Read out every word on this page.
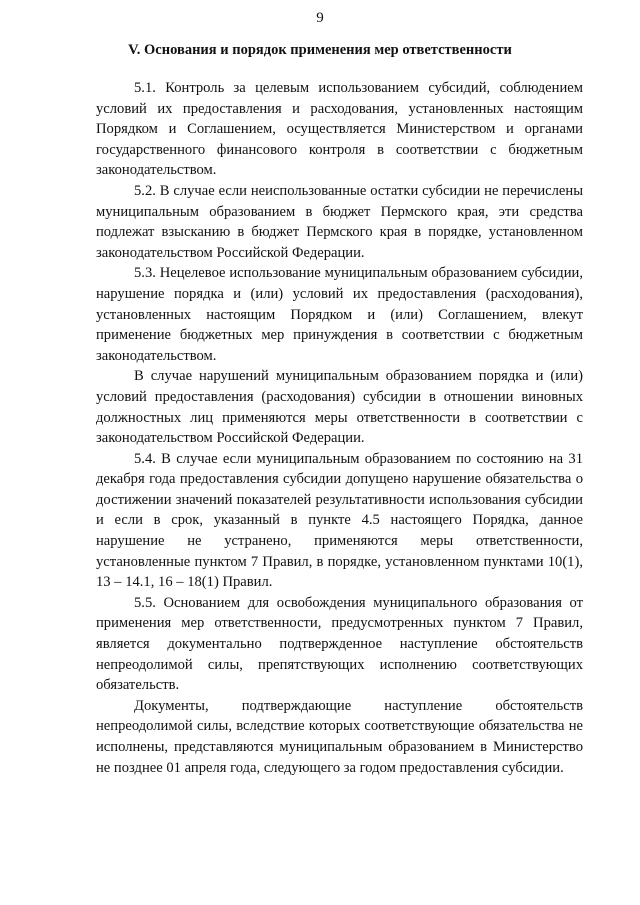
9
V. Основания и порядок применения мер ответственности

5.1. Контроль за целевым использованием субсидий, соблюдением условий их предоставления и расходования, установленных настоящим Порядком и Соглашением, осуществляется Министерством и органами государственного финансового контроля в соответствии с бюджетным законодательством.

5.2. В случае если неиспользованные остатки субсидии не перечислены муниципальным образованием в бюджет Пермского края, эти средства подлежат взысканию в бюджет Пермского края в порядке, установленном законодательством Российской Федерации.

5.3. Нецелевое использование муниципальным образованием субсидии, нарушение порядка и (или) условий их предоставления (расходования), установленных настоящим Порядком и (или) Соглашением, влекут применение бюджетных мер принуждения в соответствии с бюджетным законодательством.

В случае нарушений муниципальным образованием порядка и (или) условий предоставления (расходования) субсидии в отношении виновных должностных лиц применяются меры ответственности в соответствии с законодательством Российской Федерации.

5.4. В случае если муниципальным образованием по состоянию на 31 декабря года предоставления субсидии допущено нарушение обязательства о достижении значений показателей результативности использования субсидии и если в срок, указанный в пункте 4.5 настоящего Порядка, данное нарушение не устранено, применяются меры ответственности, установленные пунктом 7 Правил, в порядке, установленном пунктами 10(1), 13 – 14.1, 16 – 18(1) Правил.

5.5. Основанием для освобождения муниципального образования от применения мер ответственности, предусмотренных пунктом 7 Правил, является документально подтвержденное наступление обстоятельств непреодолимой силы, препятствующих исполнению соответствующих обязательств.

Документы, подтверждающие наступление обстоятельств непреодолимой силы, вследствие которых соответствующие обязательства не исполнены, представляются муниципальным образованием в Министерство не позднее 01 апреля года, следующего за годом предоставления субсидии.
